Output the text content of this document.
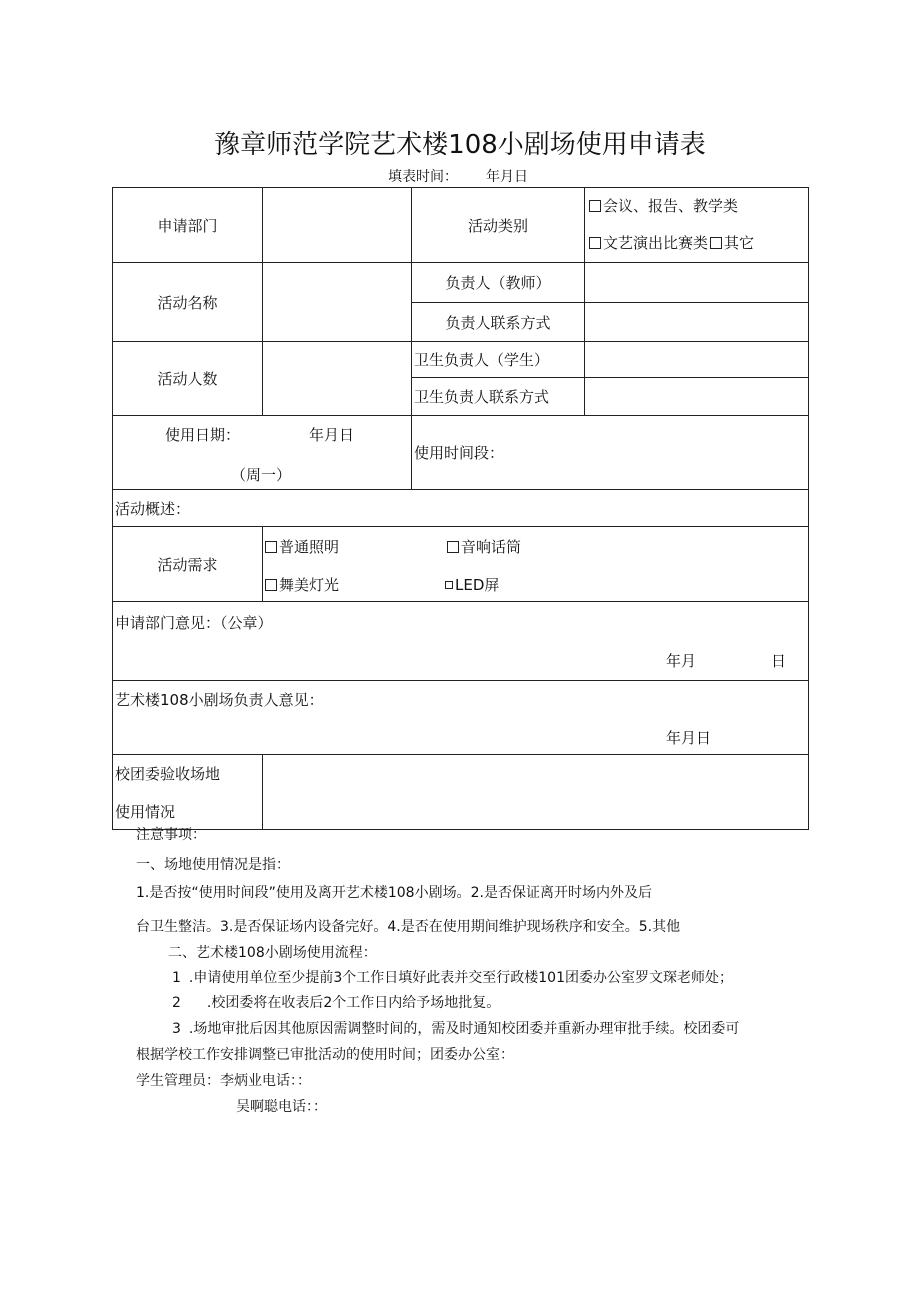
豫章师范学院艺术楼108小剧场使用申请表
填表时间： 年月日
申请部门		活动类别	会议、报告、教学类
文艺演出比赛类 其它

活动名称		负责人（教师）	
		负责人联系方式	
活动人数		卫生负责人（学生）	
		卫生负责人联系方式	

使用日期： 年月日
（周一）		使用时间段：	
活动概述：			
活动需求	普通照明 音响话筒
舞美灯光 LED屏		

申请部门意见：（公章）
年月 日			

艺术楼108小剧场负责人意见：
年月日			

校团委验收场地
使用情况			

注意事项：
一、场地使用情况是指：
1.是否按“使用时间段”使用及离开艺术楼108小剧场。2.是否保证离开时场内外及后
台卫生整洁。3.是否保证场内设备完好。4.是否在使用期间维护现场秩序和安全。5.其他
二、艺术楼108小剧场使用流程：
1 .申请使用单位至少提前3个工作日填好此表并交至行政楼101团委办公室罗文琛老师处；
2 .校团委将在收表后2个工作日内给予场地批复。
3 .场地审批后因其他原因需调整时间的，需及时通知校团委并重新办理审批手续。校团委可
根据学校工作安排调整已审批活动的使用时间；团委办公室：
学生管理员：李炳业电话：：
吴啊聪电话：：
